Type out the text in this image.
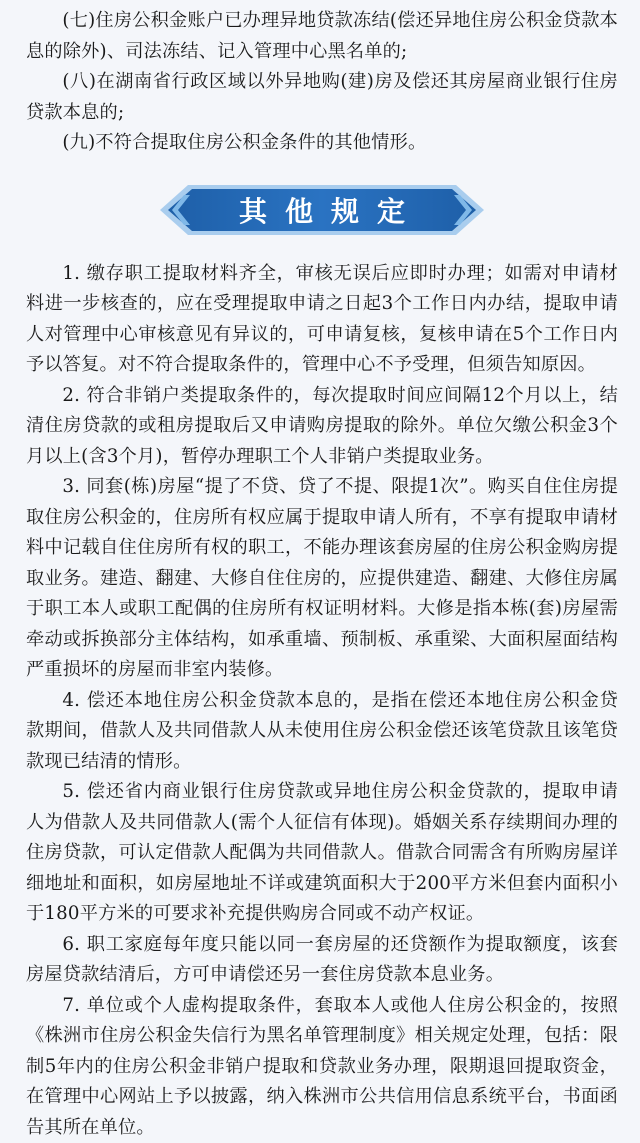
(七)住房公积金账户已办理异地贷款冻结(偿还异地住房公积金贷款本息的除外)、司法冻结、记入管理中心黑名单的;

(八)在湖南省行政区域以外异地购(建)房及偿还其房屋商业银行住房贷款本息的;

(九)不符合提取住房公积金条件的其他情形。

其他规定

1. 缴存职工提取材料齐全，审核无误后应即时办理；如需对申请材料进一步核查的，应在受理提取申请之日起3个工作日内办结，提取申请人对管理中心审核意见有异议的，可申请复核，复核申请在5个工作日内予以答复。对不符合提取条件的，管理中心不予受理，但须告知原因。

2. 符合非销户类提取条件的，每次提取时间应间隔12个月以上，结清住房贷款的或租房提取后又申请购房提取的除外。单位欠缴公积金3个月以上(含3个月)，暂停办理职工个人非销户类提取业务。

3. 同套(栋)房屋“提了不贷、贷了不提、限提1次”。购买自住住房提取住房公积金的，住房所有权应属于提取申请人所有，不享有提取申请材料中记载自住住房所有权的职工，不能办理该套房屋的住房公积金购房提取业务。建造、翻建、大修自住住房的，应提供建造、翻建、大修住房属于职工本人或职工配偶的住房所有权证明材料。大修是指本栋(套)房屋需牵动或拆换部分主体结构，如承重墙、预制板、承重梁、大面积屋面结构严重损坏的房屋而非室内装修。

4. 偿还本地住房公积金贷款本息的，是指在偿还本地住房公积金贷款期间，借款人及共同借款人从未使用住房公积金偿还该笔贷款且该笔贷款现已结清的情形。

5. 偿还省内商业银行住房贷款或异地住房公积金贷款的，提取申请人为借款人及共同借款人(需个人征信有体现)。婚姻关系存续期间办理的住房贷款，可认定借款人配偶为共同借款人。借款合同需含有所购房屋详细地址和面积，如房屋地址不详或建筑面积大于200平方米但套内面积小于180平方米的可要求补充提供购房合同或不动产权证。

6. 职工家庭每年度只能以同一套房屋的还贷额作为提取额度，该套房屋贷款结清后，方可申请偿还另一套住房贷款本息业务。

7. 单位或个人虚构提取条件，套取本人或他人住房公积金的，按照《株洲市住房公积金失信行为黑名单管理制度》相关规定处理，包括：限制5年内的住房公积金非销户提取和贷款业务办理，限期退回提取资金，在管理中心网站上予以披露，纳入株洲市公共信用信息系统平台，书面函告其所在单位。
